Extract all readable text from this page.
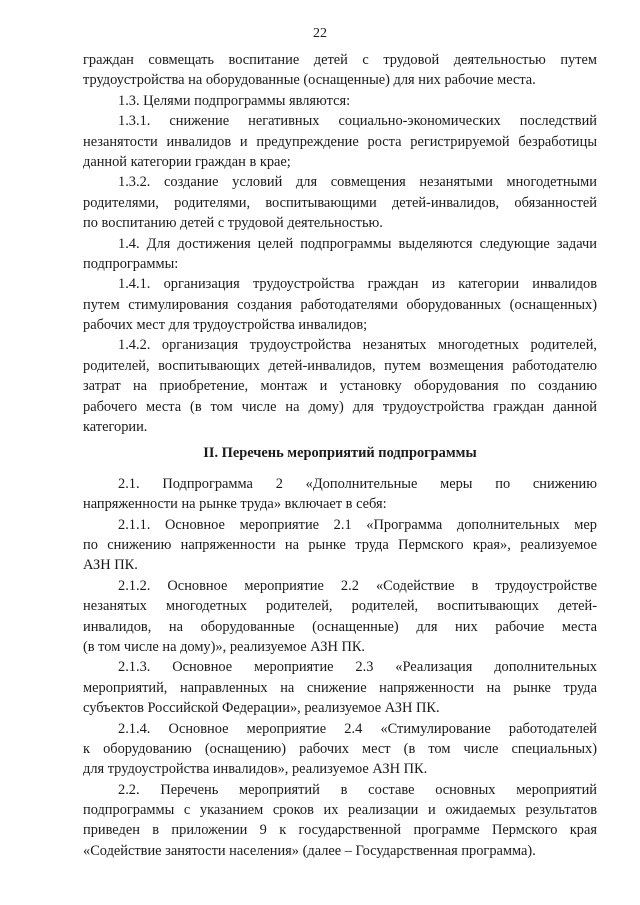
22
граждан совмещать воспитание детей с трудовой деятельностью путем
трудоустройства на оборудованные (оснащенные) для них рабочие места.
1.3. Целями подпрограммы являются:
1.3.1. снижение негативных социально-экономических последствий
незанятости инвалидов и предупреждение роста регистрируемой безработицы
данной категории граждан в крае;
1.3.2. создание условий для совмещения незанятыми многодетными
родителями, родителями, воспитывающими детей-инвалидов, обязанностей
по воспитанию детей с трудовой деятельностью.
1.4. Для достижения целей подпрограммы выделяются следующие задачи
подпрограммы:
1.4.1. организация трудоустройства граждан из категории инвалидов
путем стимулирования создания работодателями оборудованных (оснащенных)
рабочих мест для трудоустройства инвалидов;
1.4.2. организация трудоустройства незанятых многодетных родителей,
родителей, воспитывающих детей-инвалидов, путем возмещения работодателю
затрат на приобретение, монтаж и установку оборудования по созданию
рабочего места (в том числе на дому) для трудоустройства граждан данной
категории.
II. Перечень мероприятий подпрограммы
2.1. Подпрограмма 2 «Дополнительные меры по снижению
напряженности на рынке труда» включает в себя:
2.1.1. Основное мероприятие 2.1 «Программа дополнительных мер
по снижению напряженности на рынке труда Пермского края», реализуемое
АЗН ПК.
2.1.2. Основное мероприятие 2.2 «Содействие в трудоустройстве
незанятых многодетных родителей, родителей, воспитывающих детей-
инвалидов, на оборудованные (оснащенные) для них рабочие места
(в том числе на дому)», реализуемое АЗН ПК.
2.1.3. Основное мероприятие 2.3 «Реализация дополнительных
мероприятий, направленных на снижение напряженности на рынке труда
субъектов Российской Федерации», реализуемое АЗН ПК.
2.1.4. Основное мероприятие 2.4 «Стимулирование работодателей
к оборудованию (оснащению) рабочих мест (в том числе специальных)
для трудоустройства инвалидов», реализуемое АЗН ПК.
2.2. Перечень мероприятий в составе основных мероприятий
подпрограммы с указанием сроков их реализации и ожидаемых результатов
приведен в приложении 9 к государственной программе Пермского края
«Содействие занятости населения» (далее – Государственная программа).
